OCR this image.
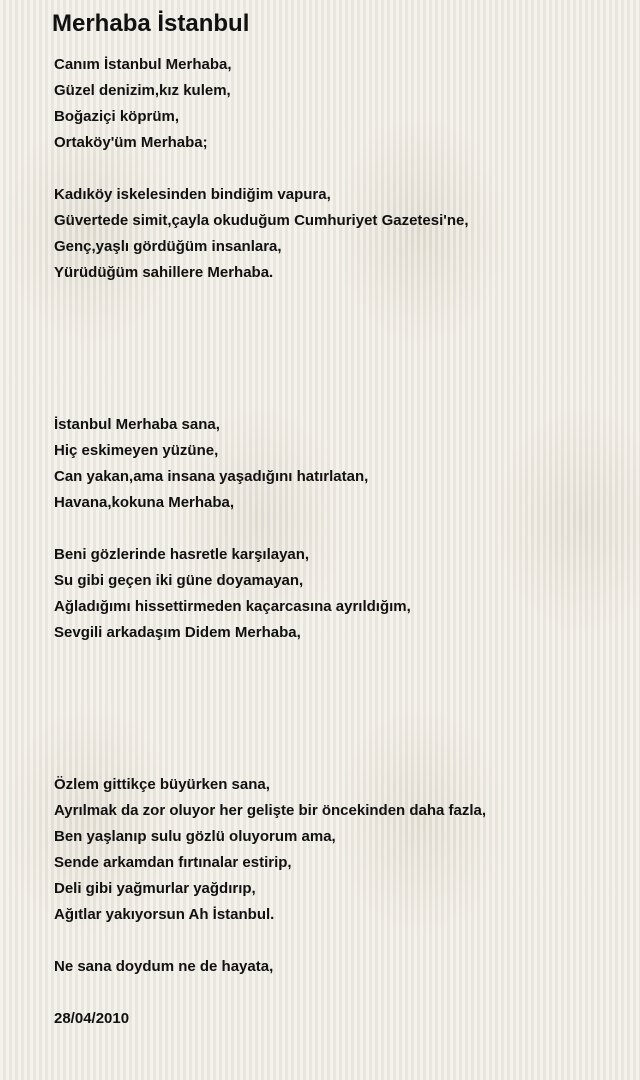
Merhaba İstanbul
Canım İstanbul Merhaba,
Güzel denizim,kız kulem,
Boğaziçi köprüm,
Ortaköy'üm Merhaba;
Kadıköy iskelesinden bindiğim vapura,
Güvertede simit,çayla okuduğum Cumhuriyet Gazetesi'ne,
Genç,yaşlı gördüğüm insanlara,
Yürüdüğüm sahillere Merhaba.
İstanbul Merhaba sana,
Hiç eskimeyen yüzüne,
Can yakan,ama insana yaşadığını hatırlatan,
Havana,kokuna Merhaba,
Beni gözlerinde hasretle karşılayan,
Su gibi geçen iki güne doyamayan,
Ağladığımı hissettirmeden kaçarcasına ayrıldığım,
Sevgili arkadaşım Didem Merhaba,
Özlem gittikçe büyürken sana,
Ayrılmak da zor oluyor her gelişte bir öncekinden daha fazla,
Ben yaşlanıp sulu gözlü oluyorum ama,
Sende arkamdan fırtınalar estirip,
Deli gibi yağmurlar yağdırıp,
Ağıtlar yakıyorsun Ah İstanbul.
Ne sana doydum ne de hayata,
28/04/2010
